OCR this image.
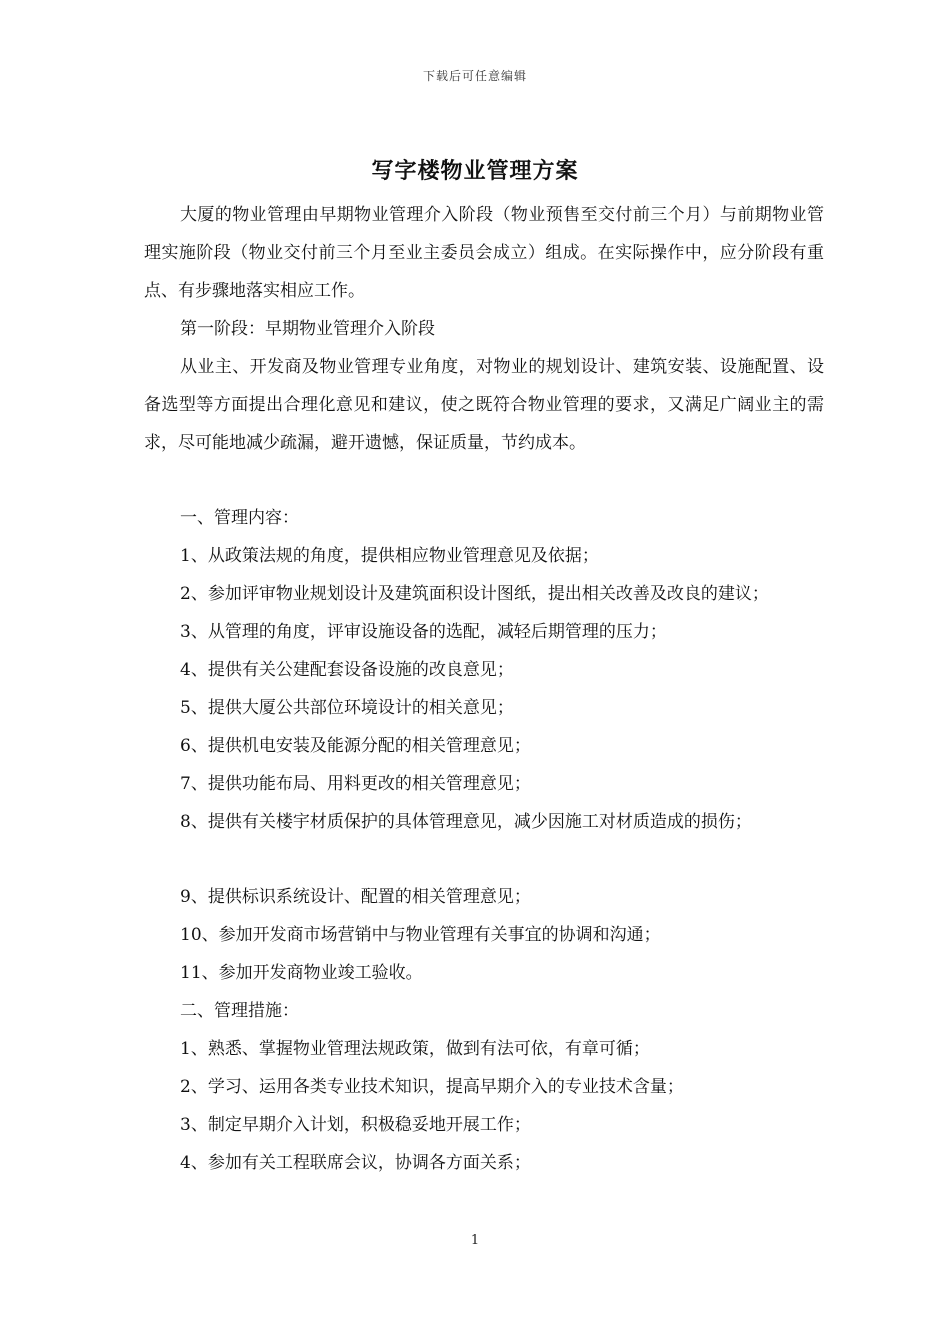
下载后可任意编辑
写字楼物业管理方案

大厦的物业管理由早期物业管理介入阶段（物业预售至交付前三个月）与前期物业管理实施阶段（物业交付前三个月至业主委员会成立）组成。在实际操作中，应分阶段有重点、有步骤地落实相应工作。

第一阶段：早期物业管理介入阶段

从业主、开发商及物业管理专业角度，对物业的规划设计、建筑安装、设施配置、设备选型等方面提出合理化意见和建议，使之既符合物业管理的要求，又满足广阔业主的需求，尽可能地减少疏漏，避开遗憾，保证质量，节约成本。

一、管理内容：

1、从政策法规的角度，提供相应物业管理意见及依据；

2、参加评审物业规划设计及建筑面积设计图纸，提出相关改善及改良的建议；

3、从管理的角度，评审设施设备的选配，减轻后期管理的压力；

4、提供有关公建配套设备设施的改良意见；

5、提供大厦公共部位环境设计的相关意见；

6、提供机电安装及能源分配的相关管理意见；

7、提供功能布局、用料更改的相关管理意见；

8、提供有关楼宇材质保护的具体管理意见，减少因施工对材质造成的损伤；

9、提供标识系统设计、配置的相关管理意见；

10、参加开发商市场营销中与物业管理有关事宜的协调和沟通；

11、参加开发商物业竣工验收。

二、管理措施：

1、熟悉、掌握物业管理法规政策，做到有法可依，有章可循；

2、学习、运用各类专业技术知识，提高早期介入的专业技术含量；

3、制定早期介入计划，积极稳妥地开展工作；

4、参加有关工程联席会议，协调各方面关系；

1
